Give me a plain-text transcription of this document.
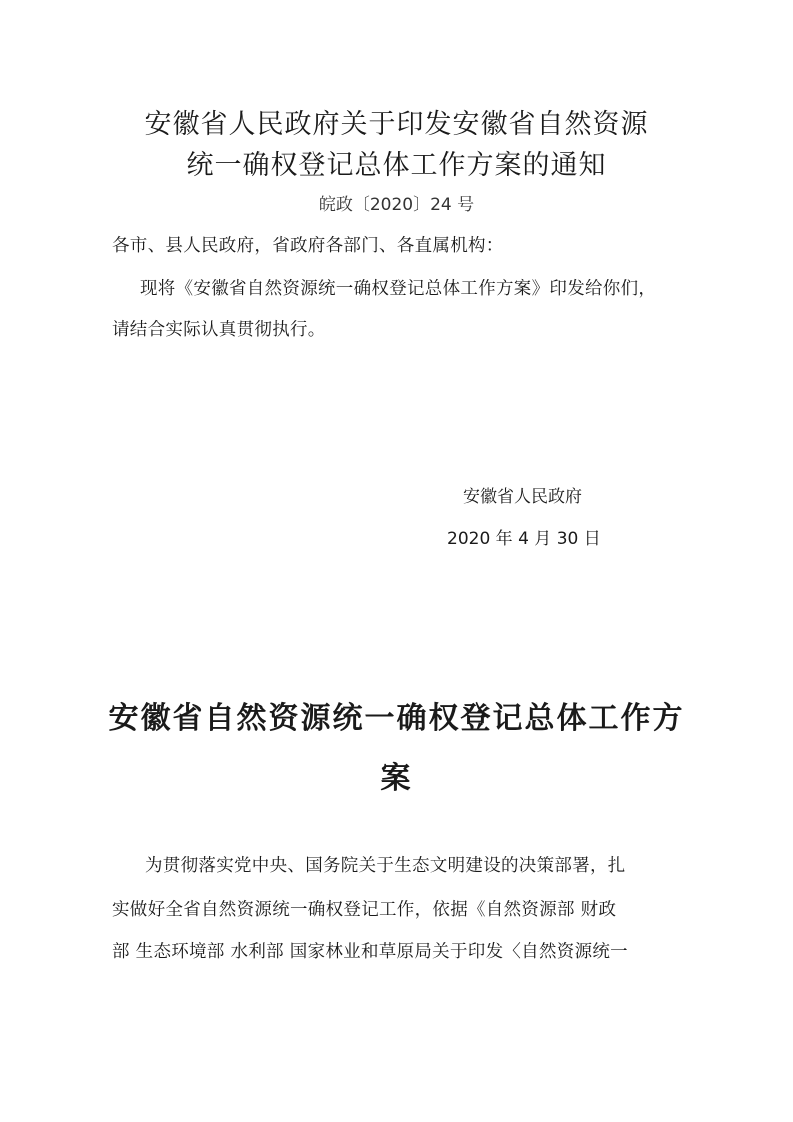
安徽省人民政府关于印发安徽省自然资源
统一确权登记总体工作方案的通知
皖政〔2020〕24 号
各市、县人民政府，省政府各部门、各直属机构：
现将《安徽省自然资源统一确权登记总体工作方案》印发给你们，
请结合实际认真贯彻执行。
安徽省人民政府
2020 年 4 月 30 日
安徽省自然资源统一确权登记总体工作方
案
为贯彻落实党中央、国务院关于生态文明建设的决策部署，扎
实做好全省自然资源统一确权登记工作，依据《自然资源部 财政
部 生态环境部 水利部 国家林业和草原局关于印发〈自然资源统一
